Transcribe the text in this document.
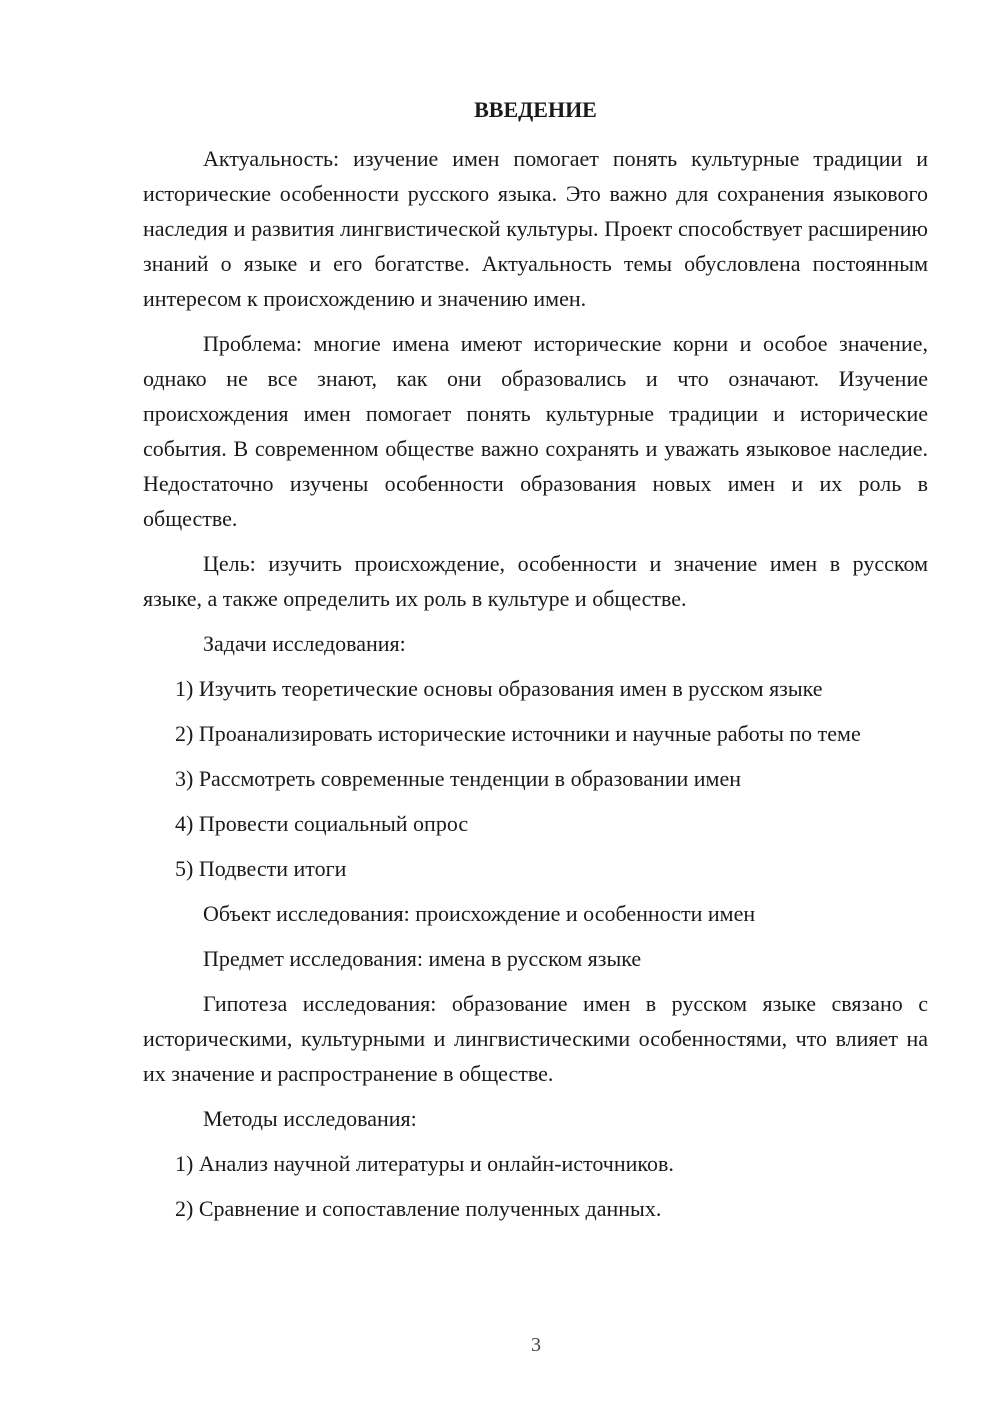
ВВЕДЕНИЕ

Актуальность: изучение имен помогает понять культурные традиции и исторические особенности русского языка. Это важно для сохранения языкового наследия и развития лингвистической культуры. Проект способствует расширению знаний о языке и его богатстве. Актуальность темы обусловлена постоянным интересом к происхождению и значению имен.

Проблема: многие имена имеют исторические корни и особое значение, однако не все знают, как они образовались и что означают. Изучение происхождения имен помогает понять культурные традиции и исторические события. В современном обществе важно сохранять и уважать языковое наследие. Недостаточно изучены особенности образования новых имен и их роль в обществе.

Цель: изучить происхождение, особенности и значение имен в русском языке, а также определить их роль в культуре и обществе.

Задачи исследования:

1) Изучить теоретические основы образования имен в русском языке

2) Проанализировать исторические источники и научные работы по теме

3) Рассмотреть современные тенденции в образовании имен

4) Провести социальный опрос

5) Подвести итоги

Объект исследования: происхождение и особенности имен

Предмет исследования: имена в русском языке

Гипотеза исследования: образование имен в русском языке связано с историческими, культурными и лингвистическими особенностями, что влияет на их значение и распространение в обществе.

Методы исследования:

1) Анализ научной литературы и онлайн-источников.

2) Сравнение и сопоставление полученных данных.

3
